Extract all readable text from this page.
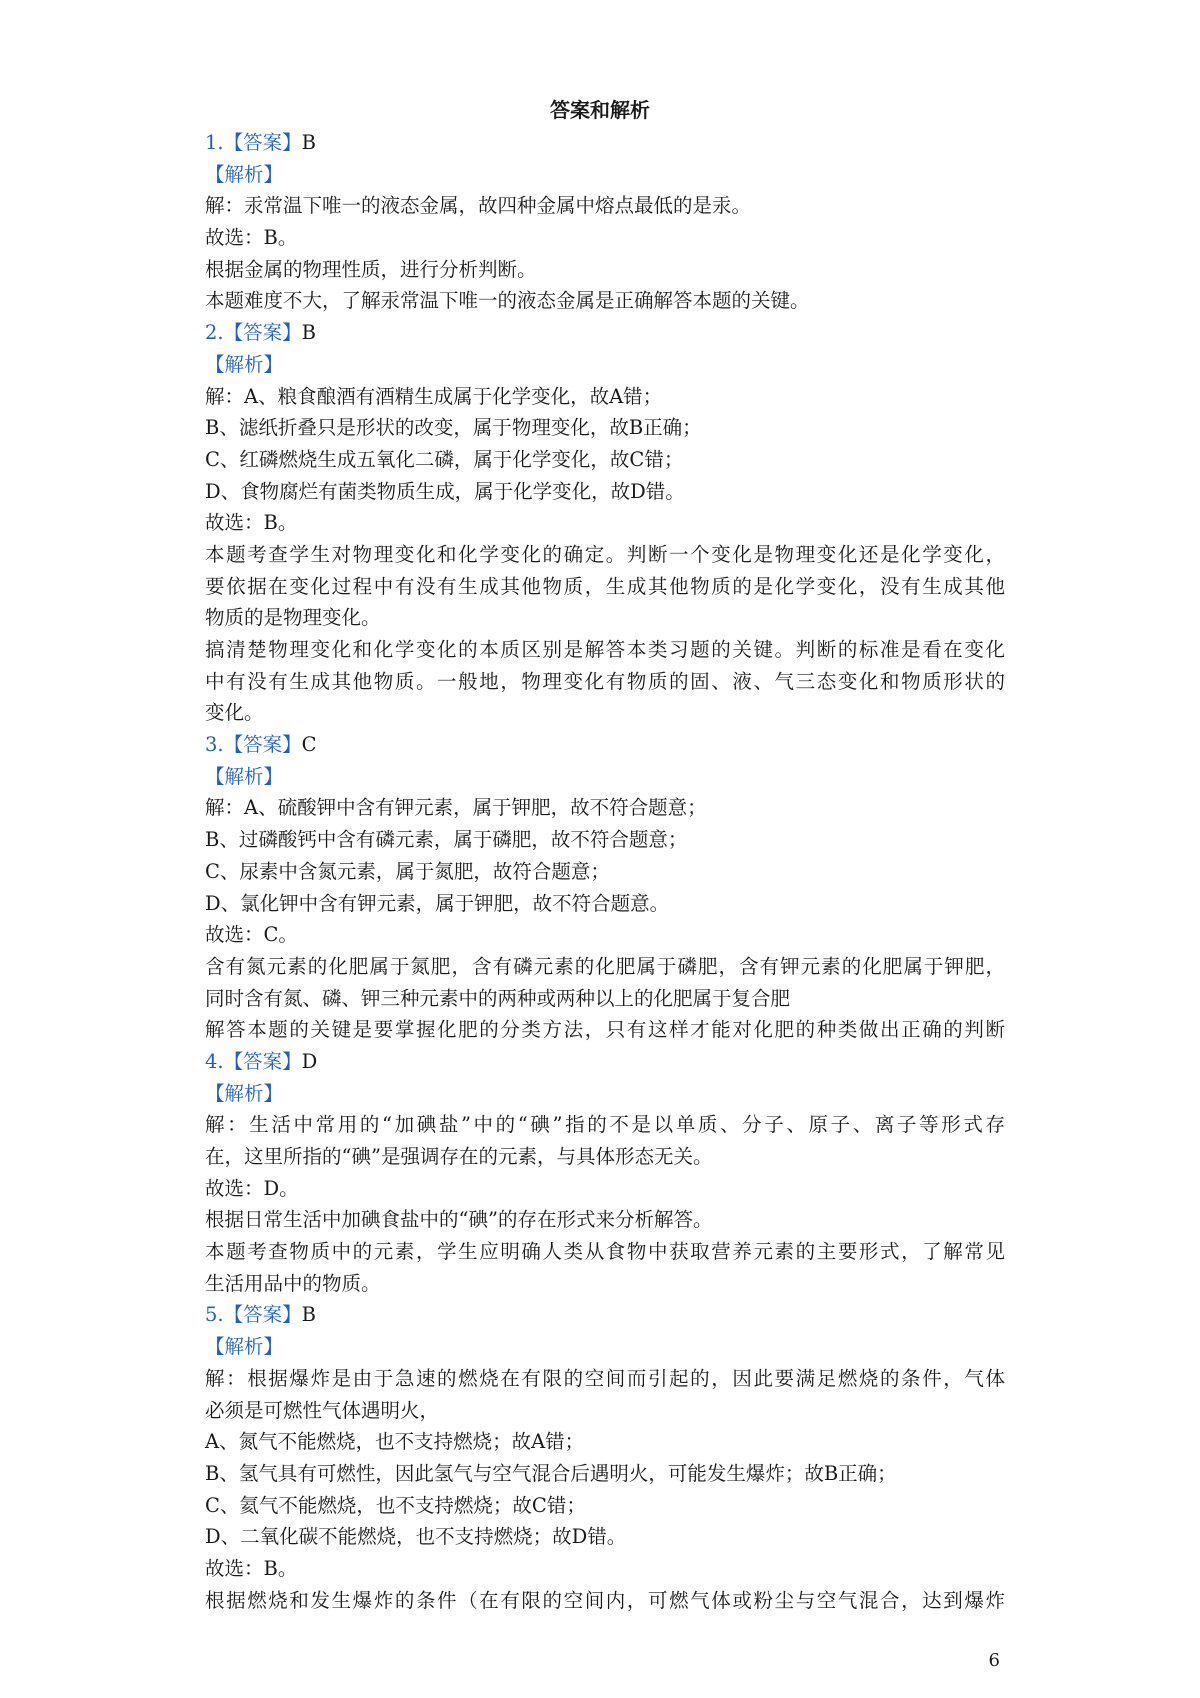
答案和解析
1.【答案】B
【解析】
解：汞常温下唯一的液态金属，故四种金属中熔点最低的是汞。
故选：B。
根据金属的物理性质，进行分析判断。
本题难度不大，了解汞常温下唯一的液态金属是正确解答本题的关键。
2.【答案】B
【解析】
解：A、粮食酿酒有酒精生成属于化学变化，故A错；
B、滤纸折叠只是形状的改变，属于物理变化，故B正确；
C、红磷燃烧生成五氧化二磷，属于化学变化，故C错；
D、食物腐烂有菌类物质生成，属于化学变化，故D错。
故选：B。
本题考查学生对物理变化和化学变化的确定。判断一个变化是物理变化还是化学变化，
要依据在变化过程中有没有生成其他物质，生成其他物质的是化学变化，没有生成其他
物质的是物理变化。
搞清楚物理变化和化学变化的本质区别是解答本类习题的关键。判断的标准是看在变化
中有没有生成其他物质。一般地，物理变化有物质的固、液、气三态变化和物质形状的
变化。
3.【答案】C
【解析】
解：A、硫酸钾中含有钾元素，属于钾肥，故不符合题意；
B、过磷酸钙中含有磷元素，属于磷肥，故不符合题意；
C、尿素中含氮元素，属于氮肥，故符合题意；
D、氯化钾中含有钾元素，属于钾肥，故不符合题意。
故选：C。
含有氮元素的化肥属于氮肥，含有磷元素的化肥属于磷肥，含有钾元素的化肥属于钾肥，
同时含有氮、磷、钾三种元素中的两种或两种以上的化肥属于复合肥
解答本题的关键是要掌握化肥的分类方法，只有这样才能对化肥的种类做出正确的判断
4.【答案】D
【解析】
解：生活中常用的“加碘盐”中的“碘”指的不是以单质、分子、原子、离子等形式存
在，这里所指的“碘”是强调存在的元素，与具体形态无关。
故选：D。
根据日常生活中加碘食盐中的“碘”的存在形式来分析解答。
本题考查物质中的元素，学生应明确人类从食物中获取营养元素的主要形式，了解常见
生活用品中的物质。
5.【答案】B
【解析】
解：根据爆炸是由于急速的燃烧在有限的空间而引起的，因此要满足燃烧的条件，气体
必须是可燃性气体遇明火，
A、氮气不能燃烧，也不支持燃烧；故A错；
B、氢气具有可燃性，因此氢气与空气混合后遇明火，可能发生爆炸；故B正确；
C、氦气不能燃烧，也不支持燃烧；故C错；
D、二氧化碳不能燃烧，也不支持燃烧；故D错。
故选：B。
根据燃烧和发生爆炸的条件（在有限的空间内，可燃气体或粉尘与空气混合，达到爆炸
6
